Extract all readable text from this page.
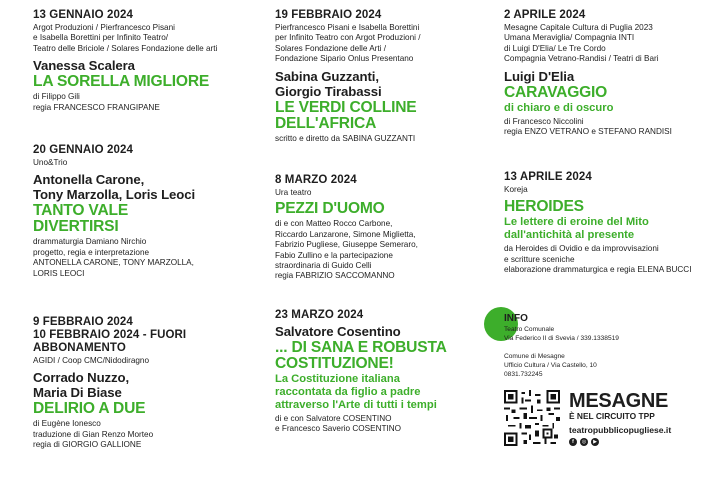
13 GENNAIO 2024

Argot Produzioni / Pierfrancesco Pisani
e Isabella Borettini per Infinito Teatro/
Teatro delle Briciole / Solares Fondazione delle arti

Vanessa Scalera

LA SORELLA MIGLIORE

di Filippo Gili
regia FRANCESCO FRANGIPANE

20 GENNAIO 2024

Uno&Trio

Antonella Carone,
Tony Marzolla, Loris Leoci

TANTO VALE
DIVERTIRSI

drammaturgia Damiano Nirchio
progetto, regia e interpretazione
ANTONELLA CARONE, TONY MARZOLLA,
LORIS LEOCI

9 FEBBRAIO 2024

10 FEBBRAIO 2024 - FUORI ABBONAMENTO

AGIDI / Coop CMC/Nidodiragno

Corrado Nuzzo,
Maria Di Biase

DELIRIO A DUE

di Eugène Ionesco
traduzione di Gian Renzo Morteo
regia di GIORGIO GALLIONE

19 FEBBRAIO 2024

Pierfrancesco Pisani e Isabella Borettini
per Infinito Teatro con Argot Produzioni /
Solares Fondazione delle Arti /
Fondazione Sipario Onlus Presentano

Sabina Guzzanti,
Giorgio Tirabassi

LE VERDI COLLINE
DELL'AFRICA

scritto e diretto da SABINA GUZZANTI

8 MARZO 2024

Ura teatro

PEZZI D'UOMO

di e con Matteo Rocco Carbone,
Riccardo Lanzarone, Simone Miglietta,
Fabrizio Pugliese, Giuseppe Semeraro,
Fabio Zullino e la partecipazione
straordinaria di Guido Celli
regia FABRIZIO SACCOMANNO

23 MARZO 2024

Salvatore Cosentino

... DI SANA E ROBUSTA
COSTITUZIONE!

La Costituzione italiana
raccontata da figlio a padre
attraverso l'Arte di tutti i tempi

di e con Salvatore COSENTINO
e Francesco Saverio COSENTINO

2 APRILE 2024

Mesagne Capitale Cultura di Puglia 2023
Umana Meraviglia/ Compagnia INTI
di Luigi D'Elia/ Le Tre Cordo
Compagnia Vetrano-Randisi / Teatri di Bari

Luigi D'Elia

CARAVAGGIO

di chiaro e di oscuro

di Francesco Niccolini
regia ENZO VETRANO e STEFANO RANDISI

13 APRILE 2024

Koreja

HEROIDES

Le lettere di eroine del Mito
dall'antichità al presente

da Heroides di Ovidio e da improvvisazioni
e scritture sceniche
elaborazione drammaturgica e regia ELENA BUCCI

INFO
Teatro Comunale
Via Federico II di Svevia / 339.1338519

Comune di Mesagne
Ufficio Cultura / Via Castello, 10
0831.732245
MESAGNE
È NEL CIRCUITO TPP
teatropubblicopugliese.it
f	◎	▶
